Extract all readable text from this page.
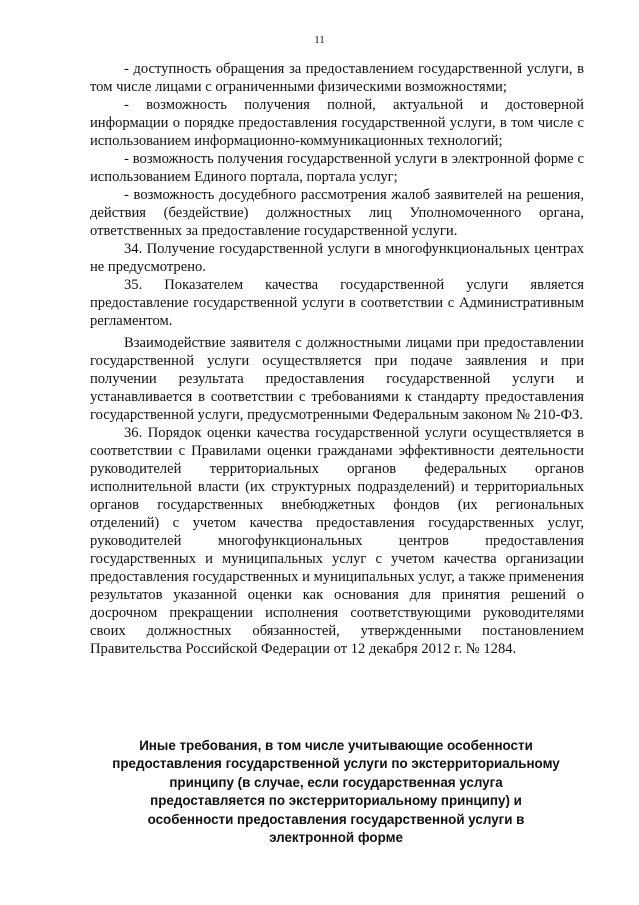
11

- доступность обращения за предоставлением государственной услуги, в том числе лицами с ограниченными физическими возможностями;

- возможность получения полной, актуальной и достоверной информации о порядке предоставления государственной услуги, в том числе с использованием информационно-коммуникационных технологий;

- возможность получения государственной услуги в электронной форме с использованием Единого портала, портала услуг;

- возможность досудебного рассмотрения жалоб заявителей на решения, действия (бездействие) должностных лиц Уполномоченного органа, ответственных за предоставление государственной услуги.

34. Получение государственной услуги в многофункциональных центрах не предусмотрено.

35. Показателем качества государственной услуги является предоставление государственной услуги в соответствии с Административным регламентом.

Взаимодействие заявителя с должностными лицами при предоставлении государственной услуги осуществляется при подаче заявления и при получении результата предоставления государственной услуги и устанавливается в соответствии с требованиями к стандарту предоставления государственной услуги, предусмотренными Федеральным законом № 210-ФЗ.

36. Порядок оценки качества государственной услуги осуществляется в соответствии с Правилами оценки гражданами эффективности деятельности руководителей территориальных органов федеральных органов исполнительной власти (их структурных подразделений) и территориальных органов государственных внебюджетных фондов (их региональных отделений) с учетом качества предоставления государственных услуг, руководителей многофункциональных центров предоставления государственных и муниципальных услуг с учетом качества организации предоставления государственных и муниципальных услуг, а также применения результатов указанной оценки как основания для принятия решений о досрочном прекращении исполнения соответствующими руководителями своих должностных обязанностей, утвержденными постановлением Правительства Российской Федерации от 12 декабря 2012 г. № 1284.

Иные требования, в том числе учитывающие особенности предоставления государственной услуги по экстерриториальному принципу (в случае, если государственная услуга предоставляется по экстерриториальному принципу) и особенности предоставления государственной услуги в электронной форме
